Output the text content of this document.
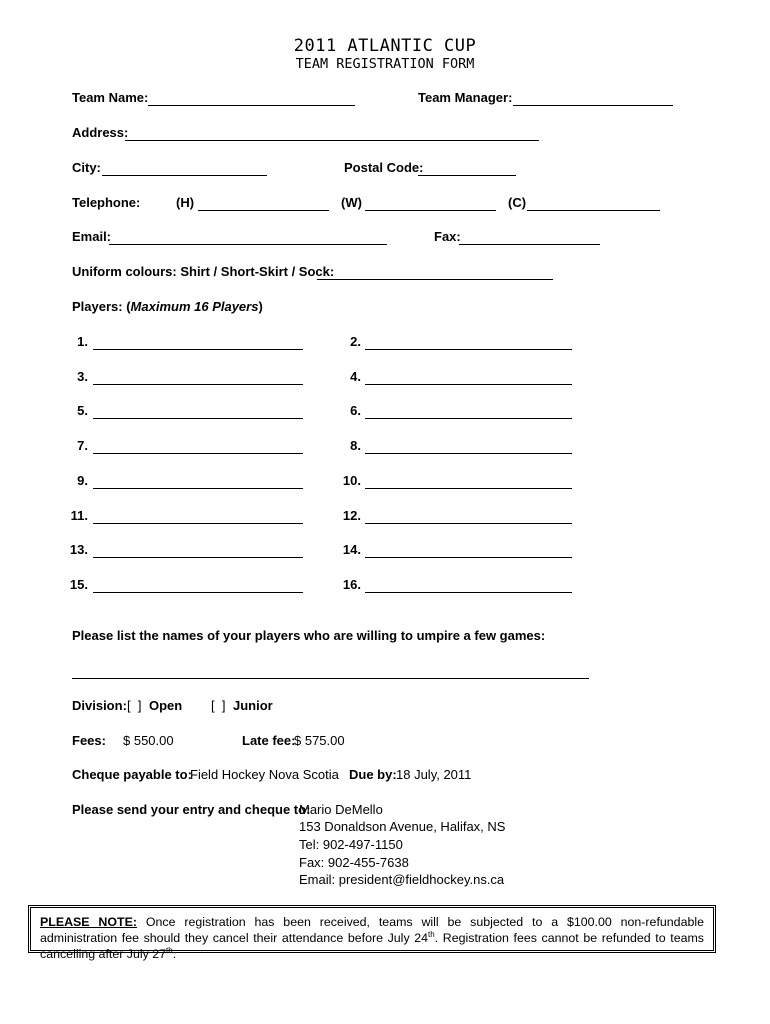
2011 ATLANTIC CUP
TEAM REGISTRATION FORM
Team Name:	Team Manager:
Address:
City:	Postal Code:
Telephone:	(H)	(W)	(C)
Email:	Fax:
Uniform colours: Shirt / Short-Skirt / Sock:
Players: (Maximum 16 Players)
1.
3.
5.
7.
9.
11.
13.
15.
2.
4.
6.
8.
10.
12.
14.
16.
Please list the names of your players who are willing to umpire a few games:
Division: [  ] Open [  ] Junior
Fees: $ 550.00	Late fee:
$ 575.00
Cheque payable to:
Field Hockey Nova Scotia Due by: 18 July, 2011
Please send your entry and cheque to:
Mario DeMello
153 Donaldson Avenue, Halifax, NS
Tel: 902-497-1150
Fax: 902-455-7638
Email: president@fieldhockey.ns.ca
PLEASE NOTE: Once registration has been received, teams will be subjected to a $100.00 non-refundable administration fee should they cancel their attendance before July 24th. Registration fees cannot be refunded to teams cancelling after July 27th.
